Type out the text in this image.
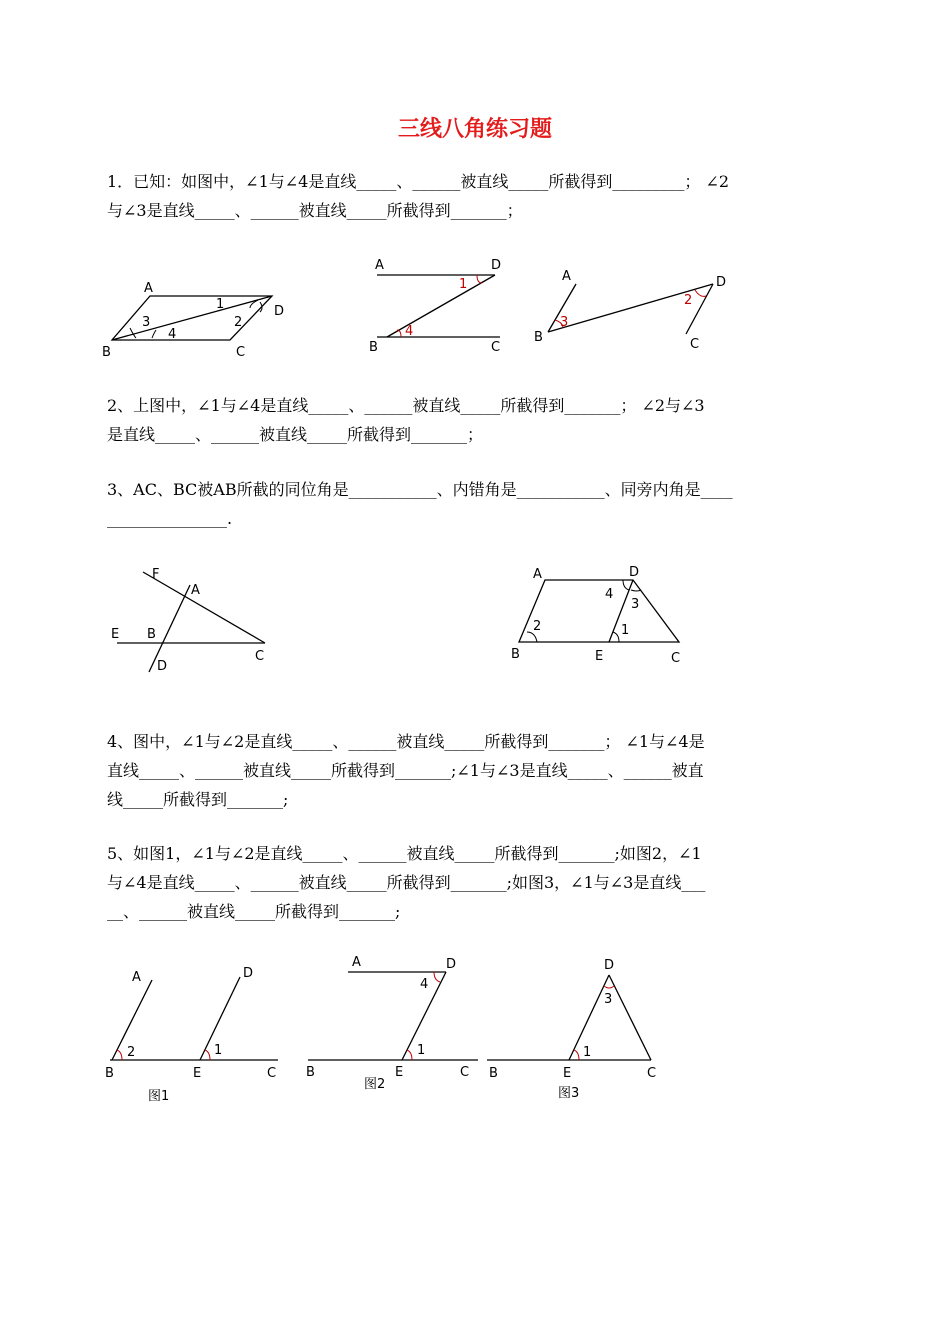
三线八角练习题

1．已知：如图中，∠1与∠4是直线_____、______被直线_____所截得到_________； ∠2

与∠3是直线_____、______被直线_____所截得到_______；

A
B	C
D
1
2
3
4
A	D
B	C
1
4
A
B	C
D
2
3

2、上图中，∠1与∠4是直线_____、______被直线_____所截得到_______； ∠2与∠3

是直线_____、______被直线_____所截得到_______；

3、AC、BC被AB所截的同位角是___________、内错角是___________、同旁内角是____

_______________.

F
A
E B
D
C
A	D
B	E	C
1
2
3
4

4、图中，∠1与∠2是直线_____、______被直线_____所截得到_______； ∠1与∠4是

直线_____、______被直线_____所截得到_______;∠1与∠3是直线_____、______被直

线_____所截得到_______;

5、如图1，∠1与∠2是直线_____、______被直线_____所截得到_______;如图2，∠1

与∠4是直线_____、______被直线_____所截得到_______;如图3，∠1与∠3是直线___

__、______被直线_____所截得到_______;

A	D
B	E	C
2	1
图1
A	D
B	E	C
4
1
图2
D
B	E	C
1
3
图3
